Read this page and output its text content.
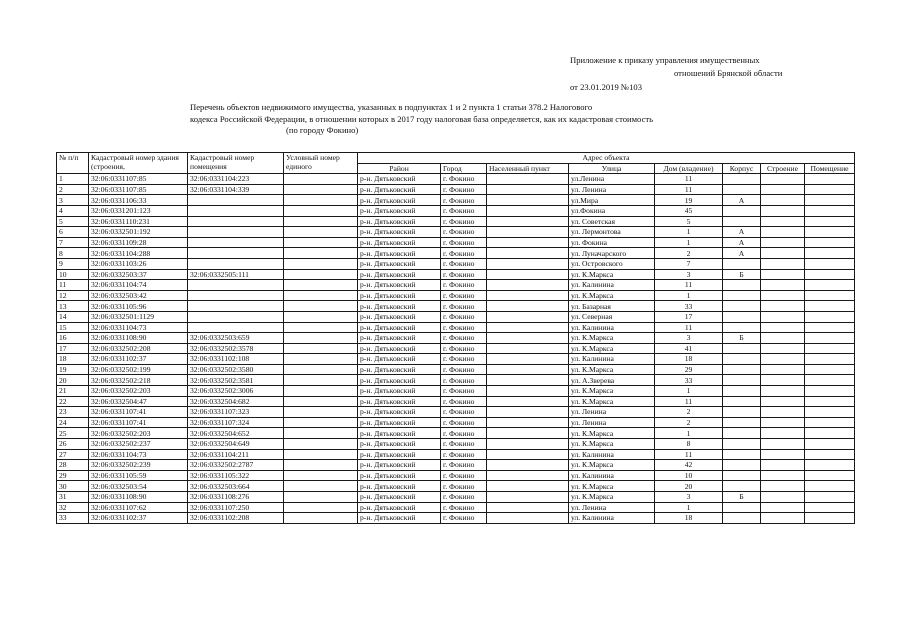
Приложение к приказу управления имущественных
отношений Брянской области
от 23.01.2019 №103
Перечень объектов недвижимого имущества, указанных в подпунктах 1 и 2 пункта 1 статьи 378.2 Налогового
кодекса Российской Федерации, в отношении которых в 2017 году налоговая база определяется, как их кадастровая стоимость
(по городу Фокино)
№ п/п	Кадастровый номер здания (строения,	Кадастровый номер помещения	Условный номер единого	Адрес объекта							
				Район	Город	Населенный пункт	Улица	Дом (владение)	Корпус	Строение	Помещение
1	32:06:0331107:85	32:06:0331104:223		р-н. Дятьковский	г. Фокино		ул.Ленина	11			
2	32:06:0331107:85	32:06:0331104:339		р-н. Дятьковский	г. Фокино		ул. Ленина	11			
3	32:06:0331106:33			р-н. Дятьковский	г. Фокино		ул.Мира	19	А		
4	32:06:0331201:123			р-н. Дятьковский	г. Фокино		ул.Фокина	45			
5	32:06:0331110:231			р-н. Дятьковский	г. Фокино		ул. Советская	5			
6	32:06:0332501:192			р-н. Дятьковский	г. Фокино		ул. Лермонтова	1	А		
7	32:06:0331109:28			р-н. Дятьковский	г. Фокино		ул. Фокина	1	А		
8	32:06:0331104:288			р-н. Дятьковский	г. Фокино		ул. Луначарского	2	А		
9	32:06:0331103:26			р-н. Дятьковский	г. Фокино		ул. Островского	7			
10	32:06:0332503:37	32:06:0332505:111		р-н. Дятьковский	г. Фокино		ул. К.Маркса	3	Б		
11	32:06:0331104:74			р-н. Дятьковский	г. Фокино		ул. Калинина	11			
12	32:06:0332503:42			р-н. Дятьковский	г. Фокино		ул. К.Маркса	1			
13	32:06:0331105:96			р-н. Дятьковский	г. Фокино		ул. Базарная	33			
14	32:06:0332501:1129			р-н. Дятьковский	г. Фокино		ул. Северная	17			
15	32:06:0331104:73			р-н. Дятьковский	г. Фокино		ул. Калинина	11			
16	32:06:0331108:90	32:06:0332503:659		р-н. Дятьковский	г. Фокино		ул. К.Маркса	3	Б		
17	32:06:0332502:208	32:06:0332502:3578		р-н. Дятьковский	г. Фокино		ул. К.Маркса	41			
18	32:06:0331102:37	32:06:0331102:108		р-н. Дятьковский	г. Фокино		ул. Калинина	18			
19	32:06:0332502:199	32:06:0332502:3580		р-н. Дятьковский	г. Фокино		ул. К.Маркса	29			
20	32:06:0332502:218	32:06:0332502:3581		р-н. Дятьковский	г. Фокино		ул. А.Зверева	33			
21	32:06:0332502:203	32:06:0332502:3006		р-н. Дятьковский	г. Фокино		ул. К.Маркса	1			
22	32:06:0332504:47	32:06:0332504:682		р-н. Дятьковский	г. Фокино		ул. К.Маркса	11			
23	32:06:0331107:41	32:06:0331107:323		р-н. Дятьковский	г. Фокино		ул. Ленина	2			
24	32:06:0331107:41	32:06:0331107:324		р-н. Дятьковский	г. Фокино		ул. Ленина	2			
25	32:06:0332502:203	32:06:0332504:652		р-н. Дятьковский	г. Фокино		ул. К.Маркса	1			
26	32:06:0332502:237	32:06:0332504:649		р-н. Дятьковский	г. Фокино		ул. К.Маркса	8			
27	32:06:0331104:73	32:06:0331104:211		р-н. Дятьковский	г. Фокино		ул. Калинина	11			
28	32:06:0332502:239	32:06:0332502:2787		р-н. Дятьковский	г. Фокино		ул. К.Маркса	42			
29	32:06:0331105:59	32:06:0331105:322		р-н. Дятьковский	г. Фокино		ул. Калинина	10			
30	32:06:0332503:54	32:06:0332503:664		р-н. Дятьковский	г. Фокино		ул. К.Маркса	20			
31	32:06:0331108:90	32:06:0331108:276		р-н. Дятьковский	г. Фокино		ул. К.Маркса	3	Б		
32	32:06:0331107:62	32:06:0331107:250		р-н. Дятьковский	г. Фокино		ул. Ленина	1			
33	32:06:0331102:37	32:06:0331102:208		р-н. Дятьковский	г. Фокино		ул. Калинина	18			
